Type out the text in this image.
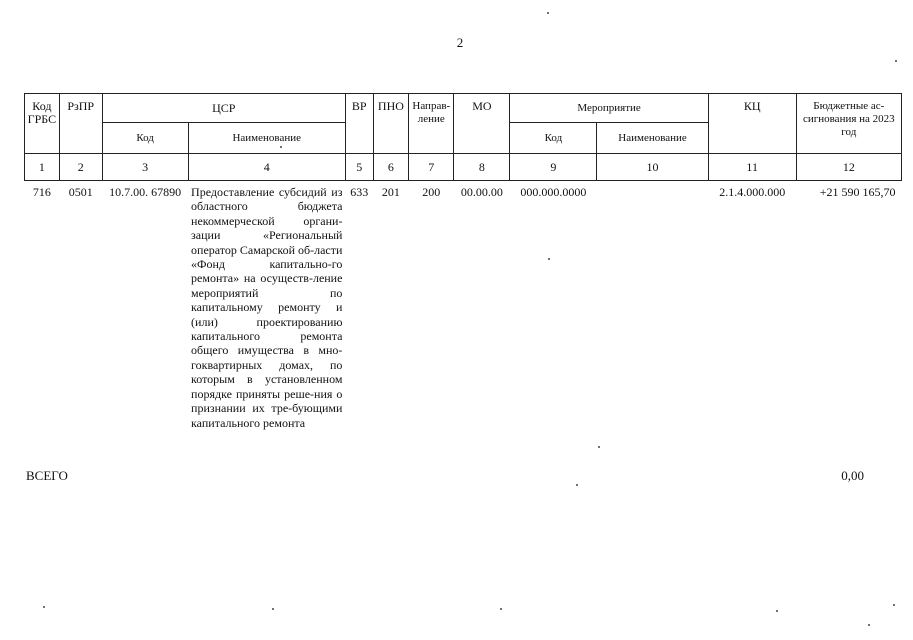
2
Код ГРБС	РзПР	ЦСР		ВР	ПНО	Направ-ление	МО	Мероприятие		КЦ	Бюджетные ас-сигнования на 2023 год
		Код	Наименование					Код	Наименование		
1	2	3	4	5	6	7	8	9	10	11	12
716	0501	10.7.00. 67890	Предоставление субсидий из областного бюджета некоммерческой органи-зации «Региональный оператор Самарской об-ласти «Фонд капитально-го ремонта» на осуществ-ление мероприятий по капитальному ремонту и (или) проектированию капитального ремонта общего имущества в мно-гоквартирных домах, по которым в установленном порядке приняты реше-ния о признании их тре-бующими капитального ремонта	633	201	200	00.00.00	000.000.0000		2.1.4.000.000	+21 590 165,70
ВСЕГО	0,00
